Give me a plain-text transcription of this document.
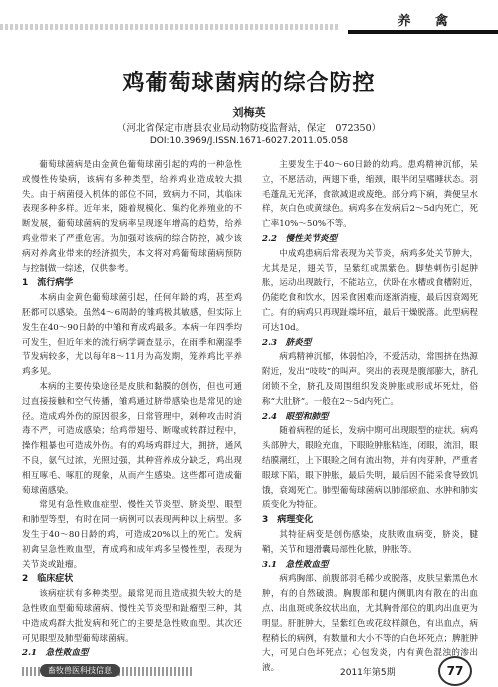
养 禽
鸡葡萄球菌病的综合防控
刘梅英
（河北省保定市唐县农业局动物防疫监督站，保定　072350）
DOI:10.3969/J.ISSN.1671-6027.2011.05.058

葡萄球菌病是由金黄色葡萄球菌引起的鸡的一种急性或慢性传染病，该病有多种类型，给养鸡业造成较大损失。由于病菌侵入机体的部位不同，致病力不同，其临床表现多种多样。近年来，随着规模化、集约化养殖业的不断发展，葡萄球菌病的发病率呈现逐年增高的趋势，给养鸡业带来了严重危害。为加强对该病的综合防控，减少该病对养禽业带来的经济损失，本文将对鸡葡萄球菌病预防与控制做一综述，仅供参考。

1　流行病学

本病由金黄色葡萄球菌引起，任何年龄的鸡，甚至鸡胚都可以感染。虽然4～6周龄的雏鸡极其敏感，但实际上发生在40～90日龄的中雏和育成鸡最多。本病一年四季均可发生，但近年来的流行病学调查显示，在雨季和潮湿季节发病较多，尤以每年8～11月为高发期，笼养鸡比平养鸡多见。

本病的主要传染途径是皮肤和黏膜的创伤，但也可通过直接接触和空气传播，雏鸡通过脐带感染也是常见的途径。造成鸡外伤的原因很多，日常管理中，剁种攻击时消毒不严，可造成感染；给鸡带翅号、断喙或转群过程中，操作粗暴也可造成外伤。有的鸡场鸡群过大，拥挤，通风不良，氨气过浓，光照过强，其种营养成分缺乏，鸡出现相互啄毛、啄肛的现象，从而产生感染。这些都可造成葡萄球菌感染。

常见有急性败血症型、慢性关节炎型、脐炎型、眼型和肺型等型，有时在同一病例可以表现两种以上病型。多发生于40～80日龄的鸡，可造成20%以上的死亡。发病初禽呈急性败血型，育成鸡和成年鸡多呈慢性型，表现为关节炎或趾瘤。

2　临床症状

该病症状有多种类型。最常见而且造成损失较大的是急性败血型葡萄球菌病、慢性关节炎型和趾瘤型三种，其中造成鸡群大批发病和死亡的主要是急性败血型。其次还可见眼型及肺型葡萄球菌病。

2.1　急性败血型

主要发生于40～60日龄的幼鸡。患鸡精神沉郁，呆立，不愿活动，两翅下垂，缩颈，眼半闭呈嗜睡状态。羽毛蓬乱无光泽，食欲减退或废绝。部分鸡下痢，粪便呈水样，灰白色或黄绿色。病鸡多在发病后2～5d内死亡，死亡率10%～50%不等。

2.2　慢性关节炎型

中成鸡患病后常表现为关节炎，病鸡多处关节肿大，尤其是足，翅关节，呈紫红或黑紫色。脚垫刺伤引起肿胀，运动出现跛行，不能站立，伏卧在水槽或食槽附近，仍能吃食和饮水，因采食困难而逐渐消瘦，最后因衰竭死亡。有的病鸡只再现趾端坏疽，最后干燥脱落。此型病程可达10d。

2.3　脐炎型

病鸡精神沉郁，体弱怕冷，不爱活动，常围挤在热源附近，发出“吱吱”的叫声。突出的表现是腹部膨大，脐孔闭锁不全，脐孔及周围组织发炎肿胀或形成坏死灶，俗称“大肚脐”。一般在2～5d内死亡。

2.4　眼型和肺型

随着病程的延长，发病中期可出现眼型的症状。病鸡头部肿大，眼睑充血，下眼睑肿胀粘连，闭眼，流泪，眼结膜潮红，上下眼睑之间有流出物，并有肉芽肿，严重者眼球下陷，眼下肿胀，最后失明，最后因不能采食导致饥饿，衰竭死亡。肺型葡萄球菌病以肺部瘀血、水肿和肺实质变化为特征。

3　病理变化

其特征病变是创伤感染，皮肤败血病变，脐炎，腱鞘，关节和翅滑囊局部性化脓，肿胀等。

3.1　急性败血型

病鸡胸部、前腹部羽毛稀少或脱落，皮肤呈紫黑色水肿，有的自然破溃。胸腹部和腿内侧肌肉有散在的出血点、出血斑或条纹状出血，尤其胸骨部位的肌肉出血更为明显。肝脏肿大，呈紫红色或花纹样颜色，有出血点，病程稍长的病例，有数量和大小不等的白色坏死点；脾脏肿大，可见白色坏死点；心包发炎，内有黄色混浊的渗出液。

畜牧兽医科技信息	2011年第5期	77
